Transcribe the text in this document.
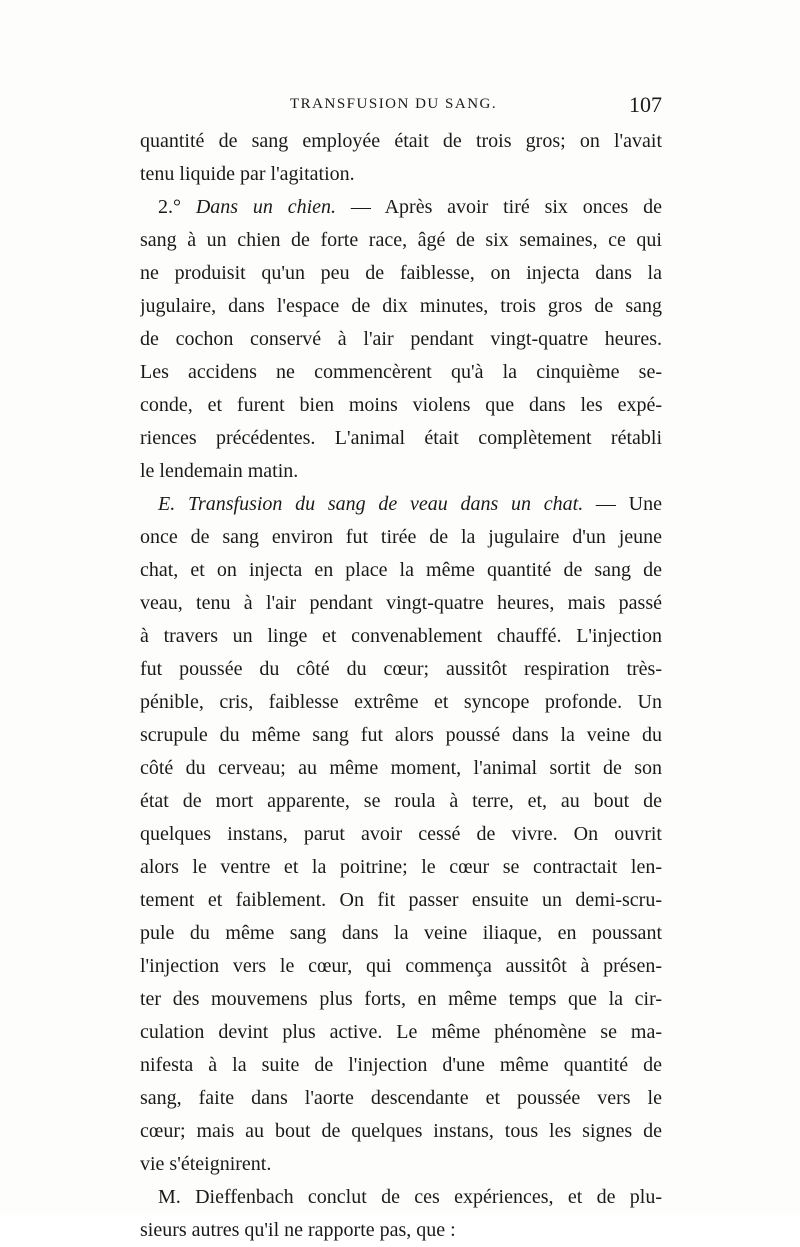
TRANSFUSION DU SANG.	107
quantité de sang employée était de trois gros; on l'avait
tenu liquide par l'agitation.
2.° Dans un chien. — Après avoir tiré six onces de
sang à un chien de forte race, âgé de six semaines, ce qui
ne produisit qu'un peu de faiblesse, on injecta dans la
jugulaire, dans l'espace de dix minutes, trois gros de sang
de cochon conservé à l'air pendant vingt-quatre heures.
Les accidens ne commencèrent qu'à la cinquième se-
conde, et furent bien moins violens que dans les expé-
riences précédentes. L'animal était complètement rétabli
le lendemain matin.
E. Transfusion du sang de veau dans un chat. — Une
once de sang environ fut tirée de la jugulaire d'un jeune
chat, et on injecta en place la même quantité de sang de
veau, tenu à l'air pendant vingt-quatre heures, mais passé
à travers un linge et convenablement chauffé. L'injection
fut poussée du côté du cœur; aussitôt respiration très-
pénible, cris, faiblesse extrême et syncope profonde. Un
scrupule du même sang fut alors poussé dans la veine du
côté du cerveau; au même moment, l'animal sortit de son
état de mort apparente, se roula à terre, et, au bout de
quelques instans, parut avoir cessé de vivre. On ouvrit
alors le ventre et la poitrine; le cœur se contractait len-
tement et faiblement. On fit passer ensuite un demi-scru-
pule du même sang dans la veine iliaque, en poussant
l'injection vers le cœur, qui commença aussitôt à présen-
ter des mouvemens plus forts, en même temps que la cir-
culation devint plus active. Le même phénomène se ma-
nifesta à la suite de l'injection d'une même quantité de
sang, faite dans l'aorte descendante et poussée vers le
cœur; mais au bout de quelques instans, tous les signes de
vie s'éteignirent.
M. Dieffenbach conclut de ces expériences, et de plu-
sieurs autres qu'il ne rapporte pas, que :
